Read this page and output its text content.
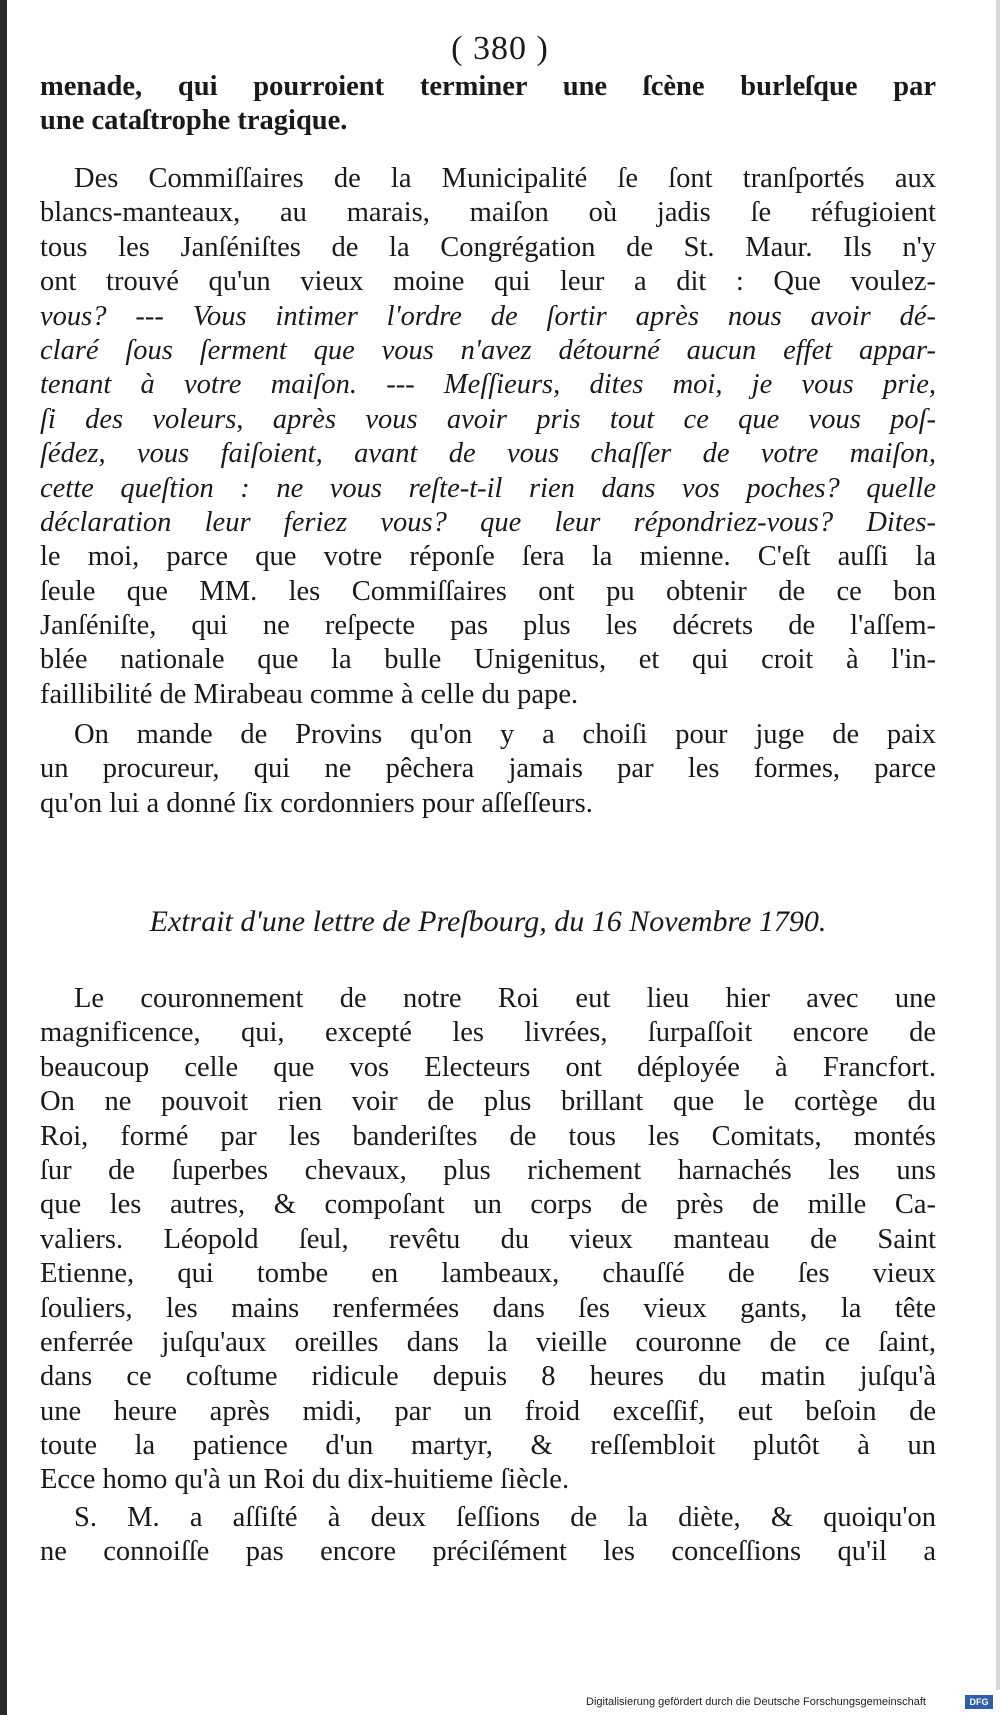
( 380 )
menade, qui pourroient terminer une ſcène burleſque par
une cataſtrophe tragique.
Des Commiſſaires de la Municipalité ſe ſont tranſportés aux
blancs-manteaux, au marais, maiſon où jadis ſe réfugioient
tous les Janſéniſtes de la Congrégation de St. Maur. Ils n'y
ont trouvé qu'un vieux moine qui leur a dit : Que voulez-
vous? --- Vous intimer l'ordre de ſortir après nous avoir dé-
claré ſous ſerment que vous n'avez détourné aucun effet appar-
tenant à votre maiſon. --- Meſſieurs, dites moi, je vous prie,
ſi des voleurs, après vous avoir pris tout ce que vous poſ-
ſédez, vous faiſoient, avant de vous chaſſer de votre maiſon,
cette queſtion : ne vous reſte-t-il rien dans vos poches? quelle
déclaration leur feriez vous? que leur répondriez-vous? Dites-
le moi, parce que votre réponſe ſera la mienne. C'eſt auſſi la
ſeule que MM. les Commiſſaires ont pu obtenir de ce bon
Janſéniſte, qui ne reſpecte pas plus les décrets de l'aſſem-
blée nationale que la bulle Unigenitus, et qui croit à l'in-
faillibilité de Mirabeau comme à celle du pape.
On mande de Provins qu'on y a choiſi pour juge de paix
un procureur, qui ne pêchera jamais par les formes, parce
qu'on lui a donné ſix cordonniers pour aſſeſſeurs.
Extrait d'une lettre de Preſbourg, du 16 Novembre 1790.
Le couronnement de notre Roi eut lieu hier avec une
magnificence, qui, excepté les livrées, ſurpaſſoit encore de
beaucoup celle que vos Electeurs ont déployée à Francfort.
On ne pouvoit rien voir de plus brillant que le cortège du
Roi, formé par les banderiſtes de tous les Comitats, montés
ſur de ſuperbes chevaux, plus richement harnachés les uns
que les autres, & compoſant un corps de près de mille Ca-
valiers. Léopold ſeul, revêtu du vieux manteau de Saint
Etienne, qui tombe en lambeaux, chauſſé de ſes vieux
ſouliers, les mains renfermées dans ſes vieux gants, la tête
enferrée juſqu'aux oreilles dans la vieille couronne de ce ſaint,
dans ce coſtume ridicule depuis 8 heures du matin juſqu'à
une heure après midi, par un froid exceſſif, eut beſoin de
toute la patience d'un martyr, & reſſembloit plutôt à un
Ecce homo qu'à un Roi du dix-huitieme ſiècle.
S. M. a aſſiſté à deux ſeſſions de la diète, & quoiqu'on
ne connoiſſe pas encore préciſément les conceſſions qu'il a
Digitalisierung gefördert durch die Deutsche Forschungsgemeinschaft	DFG
